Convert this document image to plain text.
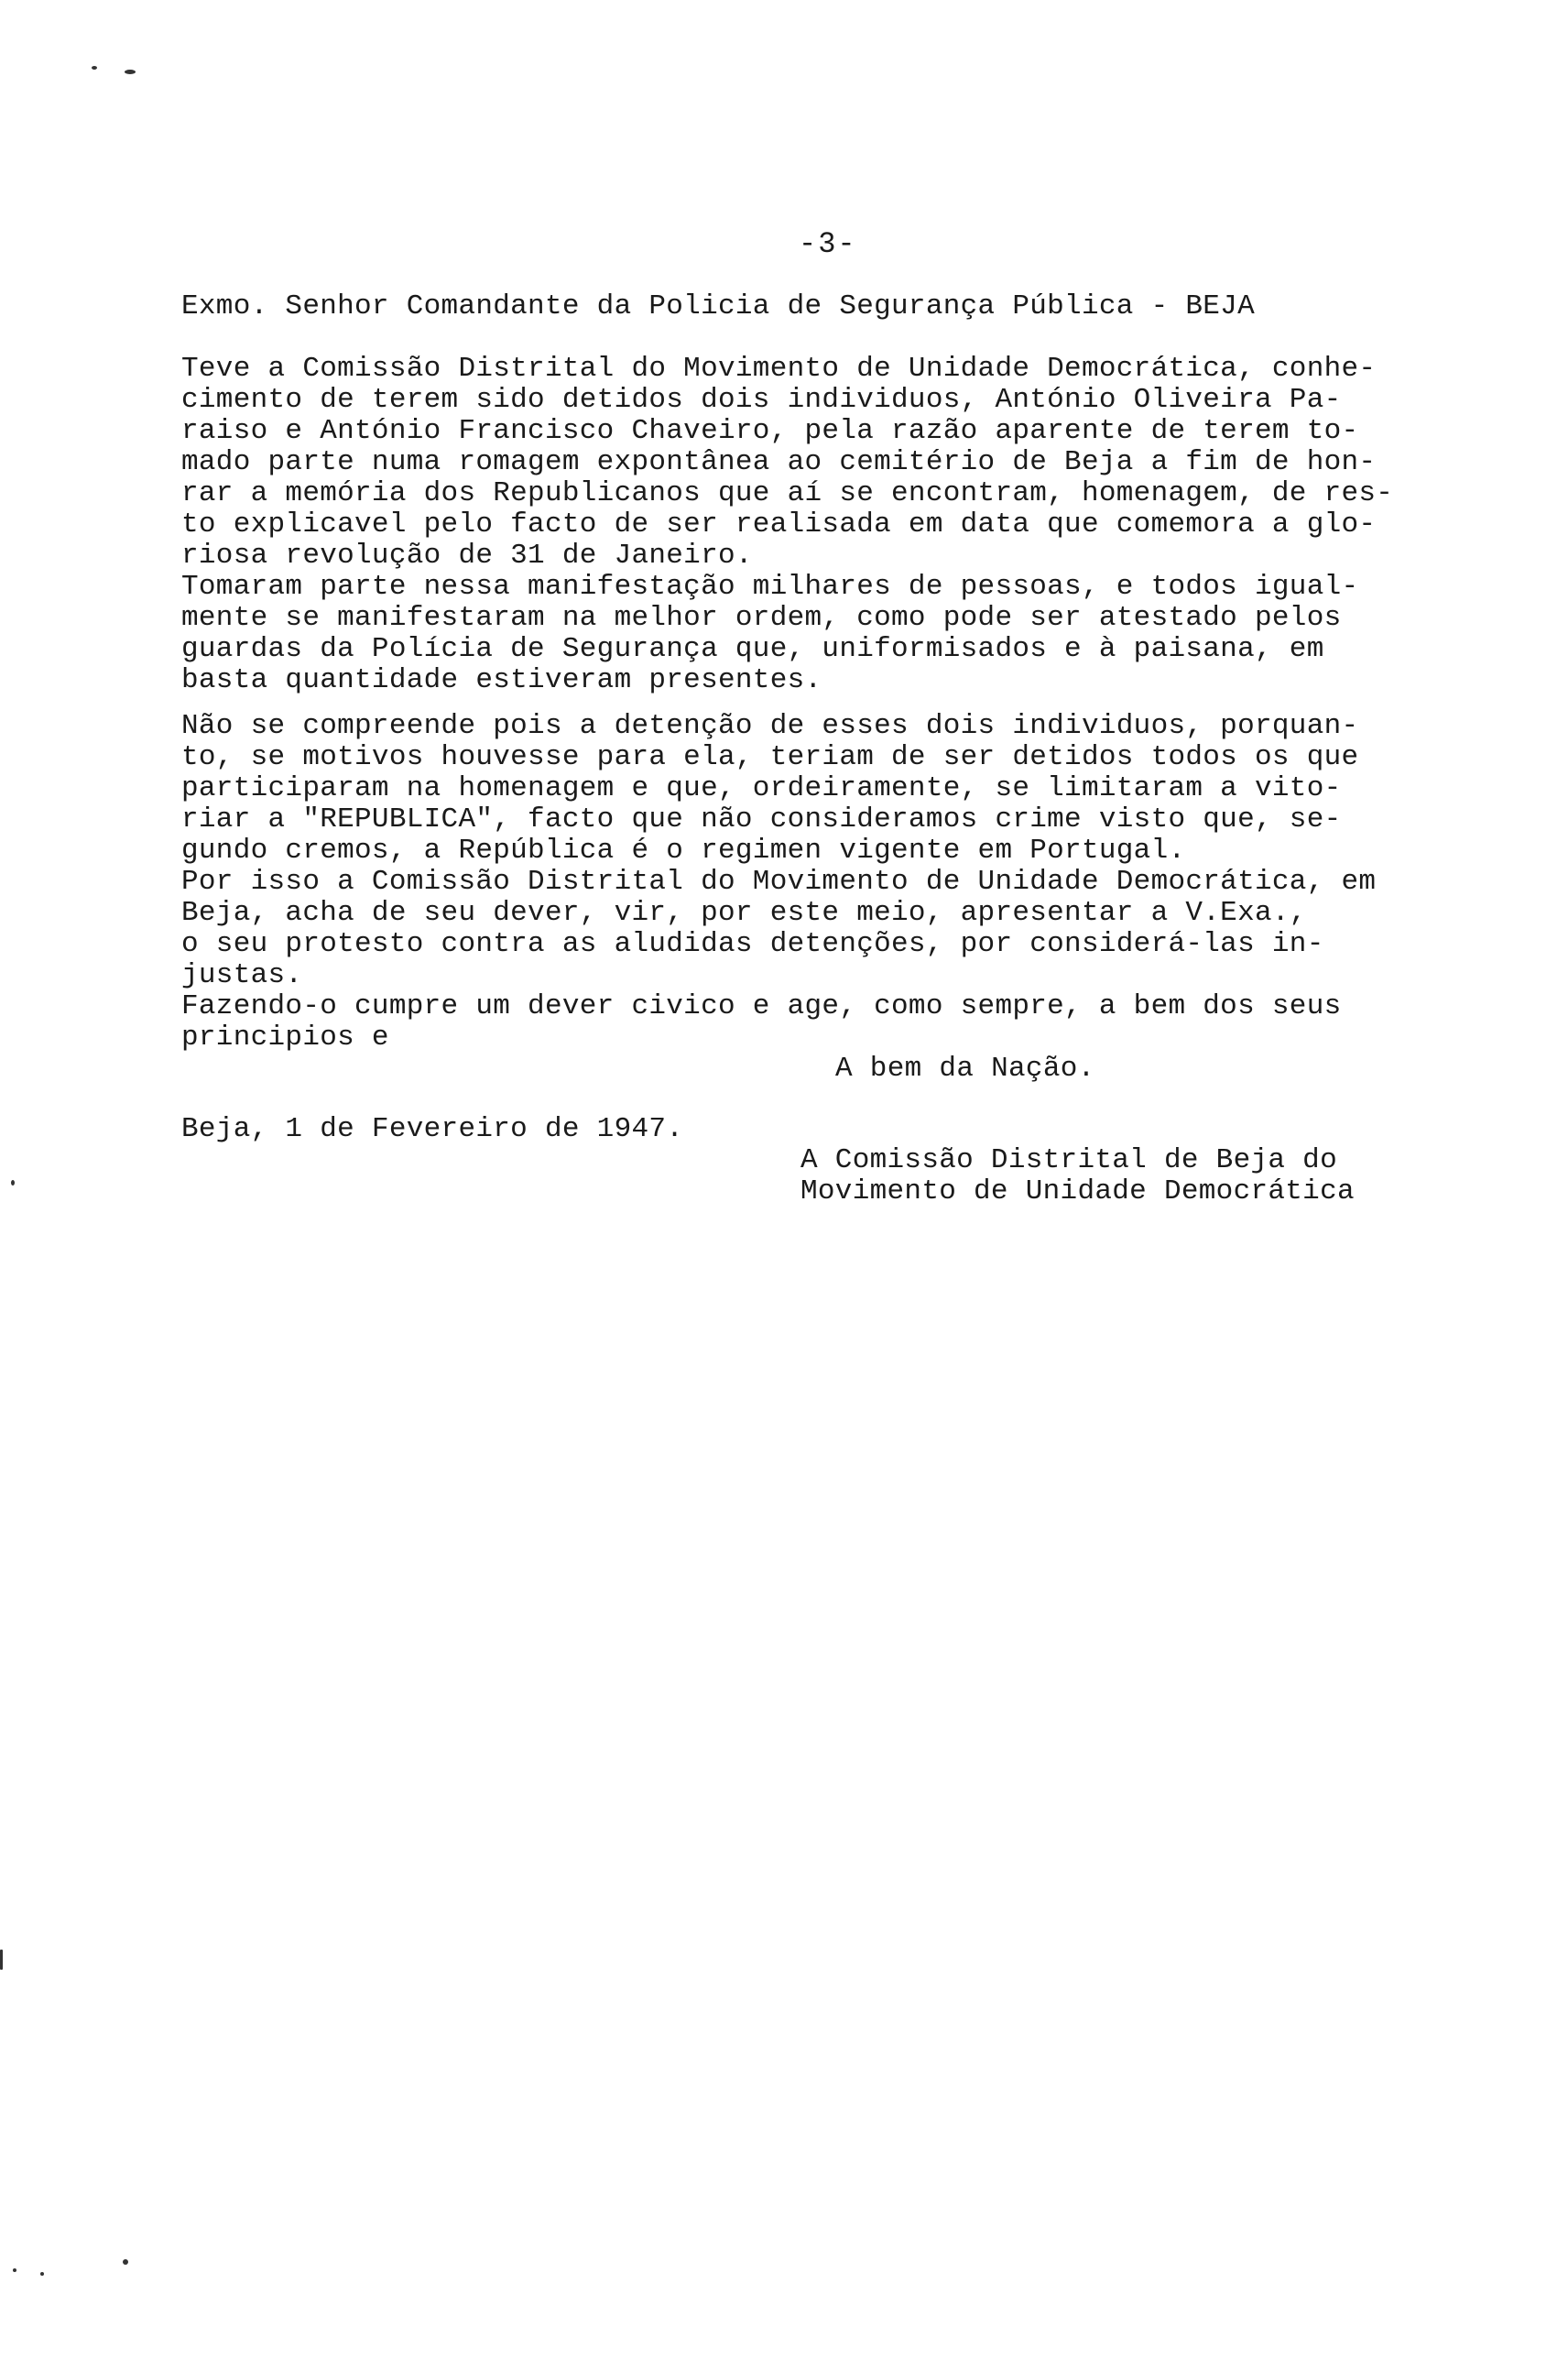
-3-

Exmo. Senhor Comandante da Policia de Segurança Pública - BEJA

Teve a Comissão Distrital do Movimento de Unidade Democrática, conhe-

cimento de terem sido detidos dois individuos, António Oliveira Pa-

raiso e António Francisco Chaveiro, pela razão aparente de terem to-

mado parte numa romagem expontânea ao cemitério de Beja a fim de hon-

rar a memória dos Republicanos que aí se encontram, homenagem, de res-

to explicavel pelo facto de ser realisada em data que comemora a glo-

riosa revolução de 31 de Janeiro.

Tomaram parte nessa manifestação milhares de pessoas, e todos igual-

mente se manifestaram na melhor ordem, como pode ser atestado pelos

guardas da Polícia de Segurança que, uniformisados e à paisana, em

basta quantidade estiveram presentes.

Não se compreende pois a detenção de esses dois individuos, porquan-

to, se motivos houvesse para ela, teriam de ser detidos todos os que

participaram na homenagem e que, ordeiramente, se limitaram a vito-

riar a "REPUBLICA", facto que não consideramos crime visto que, se-

gundo cremos, a República é o regimen vigente em Portugal.

Por isso a Comissão Distrital do Movimento de Unidade Democrática, em

Beja, acha de seu dever, vir, por este meio, apresentar a V.Exa.,

o seu protesto contra as aludidas detenções, por considerá-las in-

justas.

Fazendo-o cumpre um dever civico e age, como sempre, a bem dos seus

principios e

A bem da Nação.

Beja, 1 de Fevereiro de 1947.

A Comissão Distrital de Beja do

Movimento de Unidade Democrática
